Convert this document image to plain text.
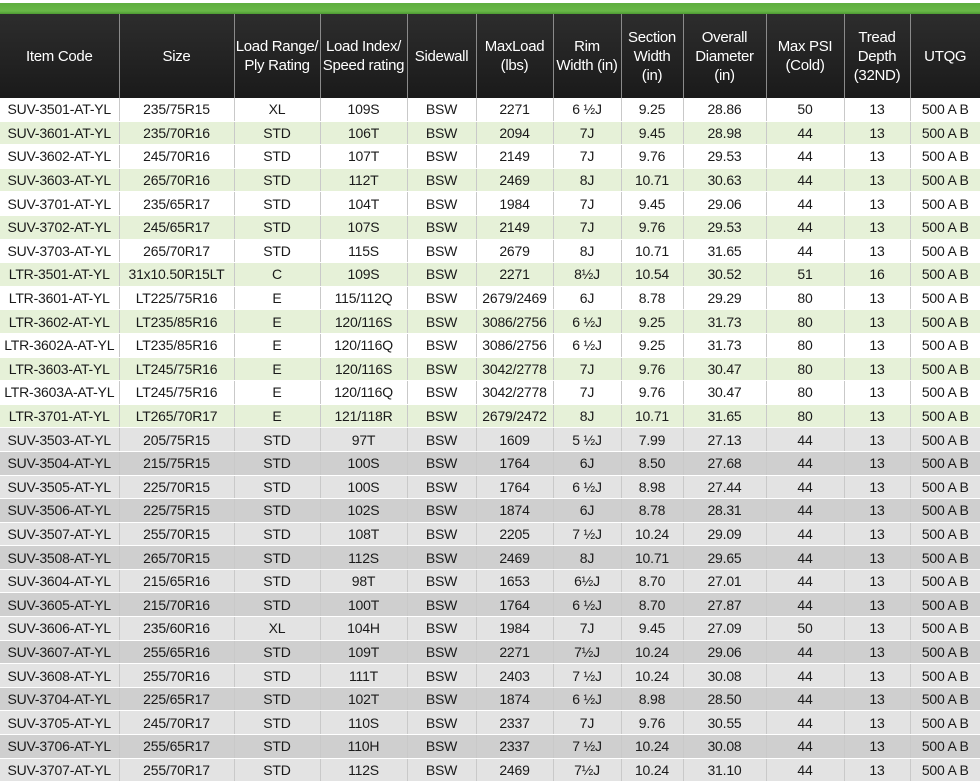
Item Code	Size	Load Range/ Ply Rating	Load Index/ Speed rating	Sidewall	MaxLoad (lbs)	Rim Width (in)	Section Width (in)	Overall Diameter (in)	Max PSI (Cold)	Tread Depth (32ND)	UTQG
SUV-3501-AT-YL	235/75R15	XL	109S	BSW	2271	6 ½J	9.25	28.86	50	13	500 A B
SUV-3601-AT-YL	235/70R16	STD	106T	BSW	2094	7J	9.45	28.98	44	13	500 A B
SUV-3602-AT-YL	245/70R16	STD	107T	BSW	2149	7J	9.76	29.53	44	13	500 A B
SUV-3603-AT-YL	265/70R16	STD	112T	BSW	2469	8J	10.71	30.63	44	13	500 A B
SUV-3701-AT-YL	235/65R17	STD	104T	BSW	1984	7J	9.45	29.06	44	13	500 A B
SUV-3702-AT-YL	245/65R17	STD	107S	BSW	2149	7J	9.76	29.53	44	13	500 A B
SUV-3703-AT-YL	265/70R17	STD	115S	BSW	2679	8J	10.71	31.65	44	13	500 A B
LTR-3501-AT-YL	31x10.50R15LT	C	109S	BSW	2271	8½J	10.54	30.52	51	16	500 A B
LTR-3601-AT-YL	LT225/75R16	E	115/112Q	BSW	2679/2469	6J	8.78	29.29	80	13	500 A B
LTR-3602-AT-YL	LT235/85R16	E	120/116S	BSW	3086/2756	6 ½J	9.25	31.73	80	13	500 A B
LTR-3602A-AT-YL	LT235/85R16	E	120/116Q	BSW	3086/2756	6 ½J	9.25	31.73	80	13	500 A B
LTR-3603-AT-YL	LT245/75R16	E	120/116S	BSW	3042/2778	7J	9.76	30.47	80	13	500 A B
LTR-3603A-AT-YL	LT245/75R16	E	120/116Q	BSW	3042/2778	7J	9.76	30.47	80	13	500 A B
LTR-3701-AT-YL	LT265/70R17	E	121/118R	BSW	2679/2472	8J	10.71	31.65	80	13	500 A B
SUV-3503-AT-YL	205/75R15	STD	97T	BSW	1609	5 ½J	7.99	27.13	44	13	500 A B
SUV-3504-AT-YL	215/75R15	STD	100S	BSW	1764	6J	8.50	27.68	44	13	500 A B
SUV-3505-AT-YL	225/70R15	STD	100S	BSW	1764	6 ½J	8.98	27.44	44	13	500 A B
SUV-3506-AT-YL	225/75R15	STD	102S	BSW	1874	6J	8.78	28.31	44	13	500 A B
SUV-3507-AT-YL	255/70R15	STD	108T	BSW	2205	7 ½J	10.24	29.09	44	13	500 A B
SUV-3508-AT-YL	265/70R15	STD	112S	BSW	2469	8J	10.71	29.65	44	13	500 A B
SUV-3604-AT-YL	215/65R16	STD	98T	BSW	1653	6½J	8.70	27.01	44	13	500 A B
SUV-3605-AT-YL	215/70R16	STD	100T	BSW	1764	6 ½J	8.70	27.87	44	13	500 A B
SUV-3606-AT-YL	235/60R16	XL	104H	BSW	1984	7J	9.45	27.09	50	13	500 A B
SUV-3607-AT-YL	255/65R16	STD	109T	BSW	2271	7½J	10.24	29.06	44	13	500 A B
SUV-3608-AT-YL	255/70R16	STD	111T	BSW	2403	7 ½J	10.24	30.08	44	13	500 A B
SUV-3704-AT-YL	225/65R17	STD	102T	BSW	1874	6 ½J	8.98	28.50	44	13	500 A B
SUV-3705-AT-YL	245/70R17	STD	110S	BSW	2337	7J	9.76	30.55	44	13	500 A B
SUV-3706-AT-YL	255/65R17	STD	110H	BSW	2337	7 ½J	10.24	30.08	44	13	500 A B
SUV-3707-AT-YL	255/70R17	STD	112S	BSW	2469	7½J	10.24	31.10	44	13	500 A B
